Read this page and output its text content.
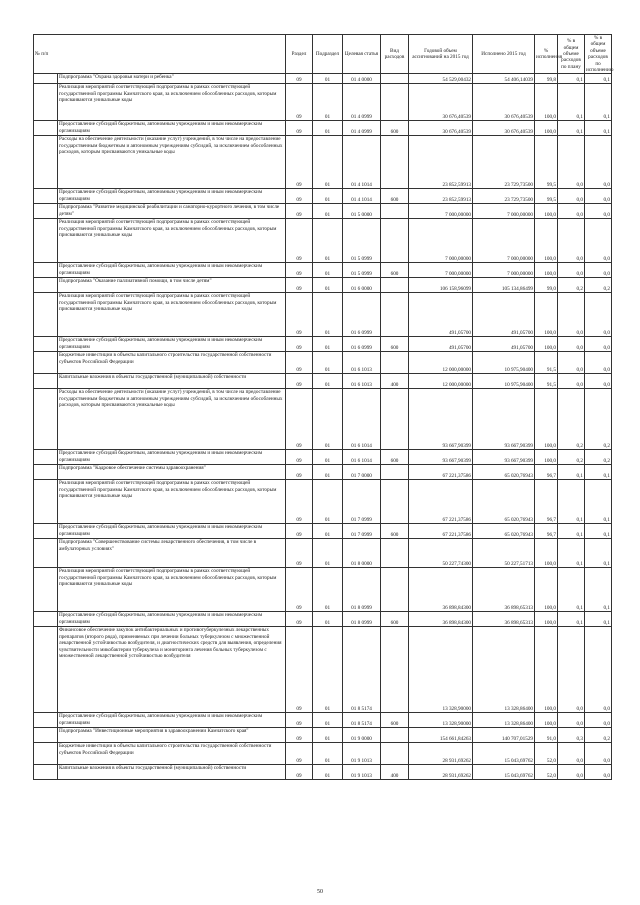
№ п/п		Раздел	Подраздел	Целевая статья	Вид расходов	Годовой объем ассигнований на 2015 год	Исполнено 2015 год	% исполнения	% в общем объеме расходов по плану	% в общем объеме расходов по исполнению
	Подпрограмма "Охрана здоровья матери и ребенка"	09	01	01 4 0000		54 529,00432	54 406,14039	99,8	0,1	0,1
	Реализация мероприятий соответствующей подпрограммы в рамках соответствующей государственной программы Камчатского края, за исключением обособленных расходов, которым присваиваются уникальные коды	09	01	01 4 0999		30 676,40539	30 676,40539	100,0	0,1	0,1
	Предоставление субсидий бюджетным, автономным учреждениям и иным некоммерческим организациям	09	01	01 4 0999	600	30 676,40539	30 676,40539	100,0	0,1	0,1
	Расходы на обеспечение деятельности (оказание услуг) учреждений, в том числе на предоставление государственным бюджетным и автономным учреждениям субсидий, за исключением обособленных расходов, которым присваиваются уникальные коды	09	01	01 4 1014		23 852,59913	23 729,73500	99,5	0,0	0,0
	Предоставление субсидий бюджетным, автономным учреждениям и иным некоммерческим организациям	09	01	01 4 1014	600	23 852,59913	23 729,73500	99,5	0,0	0,0
	Подпрограмма "Развитие медицинской реабилитации и санаторно-курортного лечения, в том числе детям"	09	01	01 5 0000		7 000,00000	7 000,00000	100,0	0,0	0,0
	Реализация мероприятий соответствующей подпрограммы в рамках соответствующей государственной программы Камчатского края, за исключением обособленных расходов, которым присваиваются уникальные коды	09	01	01 5 0999		7 000,00000	7 000,00000	100,0	0,0	0,0
	Предоставление субсидий бюджетным, автономным учреждениям и иным некоммерческим организациям	09	01	01 5 0999	600	7 000,00000	7 000,00000	100,0	0,0	0,0
	Подпрограмма "Оказание паллиативной помощи, в том числе детям"	09	01	01 6 0000		106 158,96099	105 134,86499	99,0	0,2	0,2
	Реализация мероприятий соответствующей подпрограммы в рамках соответствующей государственной программы Камчатского края, за исключением обособленных расходов, которым присваиваются уникальные коды	09	01	01 6 0999		491,05700	491,05700	100,0	0,0	0,0
	Предоставление субсидий бюджетным, автономным учреждениям и иным некоммерческим организациям	09	01	01 6 0999	600	491,05700	491,05700	100,0	0,0	0,0
	Бюджетные инвестиции в объекты капитального строительства государственной собственности субъектов Российской Федерации	09	01	01 6 1013		12 000,00000	10 975,90400	91,5	0,0	0,0
	Капитальные вложения в объекты государственной (муниципальной) собственности	09	01	01 6 1013	400	12 000,00000	10 975,90400	91,5	0,0	0,0
	Расходы на обеспечение деятельности (оказание услуг) учреждений, в том числе на предоставление государственным бюджетным и автономным учреждениям субсидий, за исключением обособленных расходов, которым присваиваются уникальные коды	09	01	01 6 1014		93 667,90399	93 667,90399	100,0	0,2	0,2
	Предоставление субсидий бюджетным, автономным учреждениям и иным некоммерческим организациям	09	01	01 6 1014	600	93 667,90399	93 667,90399	100,0	0,2	0,2
	Подпрограмма "Кадровое обеспечение системы здравоохранения"	09	01	01 7 0000		67 221,37586	65 020,76943	96,7	0,1	0,1
	Реализация мероприятий соответствующей подпрограммы в рамках соответствующей государственной программы Камчатского края, за исключением обособленных расходов, которым присваиваются уникальные коды	09	01	01 7 0999		67 221,37586	65 020,76943	96,7	0,1	0,1
	Предоставление субсидий бюджетным, автономным учреждениям и иным некоммерческим организациям	09	01	01 7 0999	600	67 221,37586	65 020,76943	96,7	0,1	0,1
	Подпрограмма "Совершенствование системы лекарственного обеспечения, в том числе в амбулаторных условиях"	09	01	01 8 0000		50 227,74300	50 227,51713	100,0	0,1	0,1
	Реализация мероприятий соответствующей подпрограммы в рамках соответствующей государственной программы Камчатского края, за исключением обособленных расходов, которым присваиваются уникальные коды	09	01	01 8 0999		36 898,84300	36 898,65313	100,0	0,1	0,1
	Предоставление субсидий бюджетным, автономным учреждениям и иным некоммерческим организациям	09	01	01 8 0999	600	36 898,84300	36 898,65313	100,0	0,1	0,1
	Финансовое обеспечение закупок антибактериальных и противотуберкулезных лекарственных препаратов (второго ряда), применяемых при лечении больных туберкулезом с множественной лекарственной устойчивостью возбудителя, и диагностических средств для выявления, определения чувствительности микобактерии туберкулеза и мониторинга лечения больных туберкулезом с множественной лекарственной устойчивостью возбудителя	09	01	01 8 5174		13 328,90000	13 328,86400	100,0	0,0	0,0
	Предоставление субсидий бюджетным, автономным учреждениям и иным некоммерческим организациям	09	01	01 8 5174	600	13 328,90000	13 328,86400	100,0	0,0	0,0
	Подпрограмма "Инвестиционные мероприятия в здравоохранении Камчатского края"	09	01	01 9 0000		154 661,84263	140 707,01529	91,0	0,3	0,2
	Бюджетные инвестиции в объекты капитального строительства государственной собственности субъектов Российской Федерации	09	01	01 9 1013		28 931,69262	15 043,69762	52,0	0,0	0,0
	Капитальные вложения в объекты государственной (муниципальной) собственности	09	01	01 9 1013	400	28 931,69262	15 043,69762	52,0	0,0	0,0
50
